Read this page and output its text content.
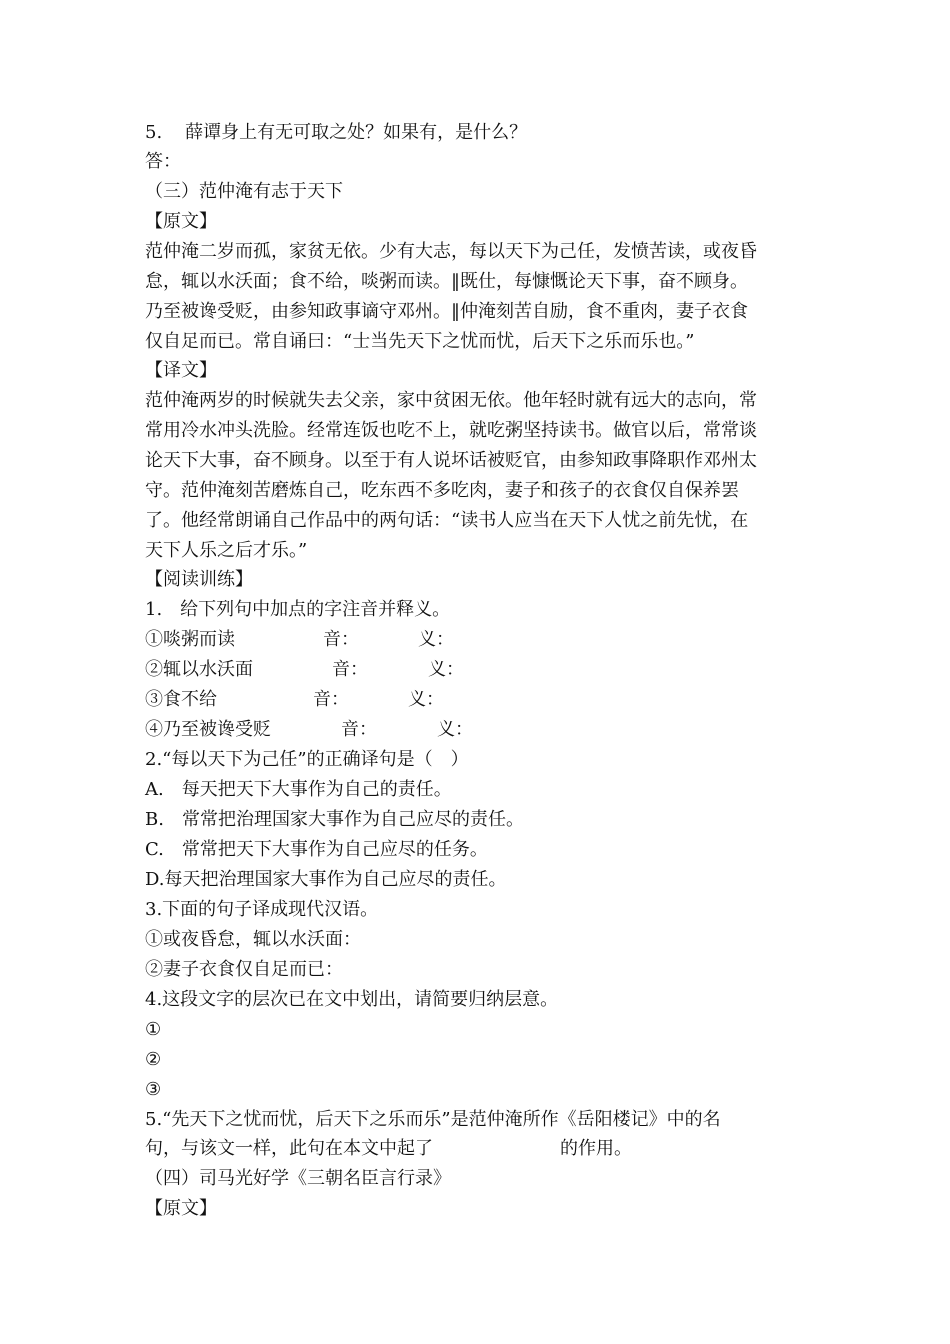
5. 薛谭身上有无可取之处？如果有，是什么？
答：
（三）范仲淹有志于天下
【原文】
范仲淹二岁而孤，家贫无依。少有大志，每以天下为己任，发愤苦读，或夜昏
怠，辄以水沃面；食不给，啖粥而读。‖既仕，每慷慨论天下事，奋不顾身。
乃至被谗受贬，由参知政事谪守邓州。‖仲淹刻苦自励，食不重肉，妻子衣食
仅自足而已。常自诵曰：“士当先天下之忧而忧，后天下之乐而乐也。”
【译文】
范仲淹两岁的时候就失去父亲，家中贫困无依。他年轻时就有远大的志向，常
常用冷水冲头洗脸。经常连饭也吃不上，就吃粥坚持读书。做官以后，常常谈
论天下大事，奋不顾身。以至于有人说坏话被贬官，由参知政事降职作邓州太
守。范仲淹刻苦磨炼自己，吃东西不多吃肉，妻子和孩子的衣食仅自保养罢
了。他经常朗诵自己作品中的两句话：“读书人应当在天下人忧之前先忧，在
天下人乐之后才乐。”
【阅读训练】
1.　给下列句中加点的字注音并释义。

①啖粥而读

	音：

	义：

②辄以水沃面

	音：

	义：

③食不给

	音：

	义：

④乃至被谗受贬

	音：

	义：

2.“每以天下为己任”的正确译句是（　）
A.　每天把天下大事作为自己的责任。
B.　常常把治理国家大事作为自己应尽的责任。
C.　常常把天下大事作为自己应尽的任务。
D.每天把治理国家大事作为自己应尽的责任。
3.下面的句子译成现代汉语。
①或夜昏怠，辄以水沃面：
②妻子衣食仅自足而已：
4.这段文字的层次已在文中划出，请简要归纳层意。
①
②
③
5.“先天下之忧而忧，后天下之乐而乐”是范仲淹所作《岳阳楼记》中的名

句，与该文一样，此句在本文中起了

	的作用。

（四）司马光好学《三朝名臣言行录》
【原文】
